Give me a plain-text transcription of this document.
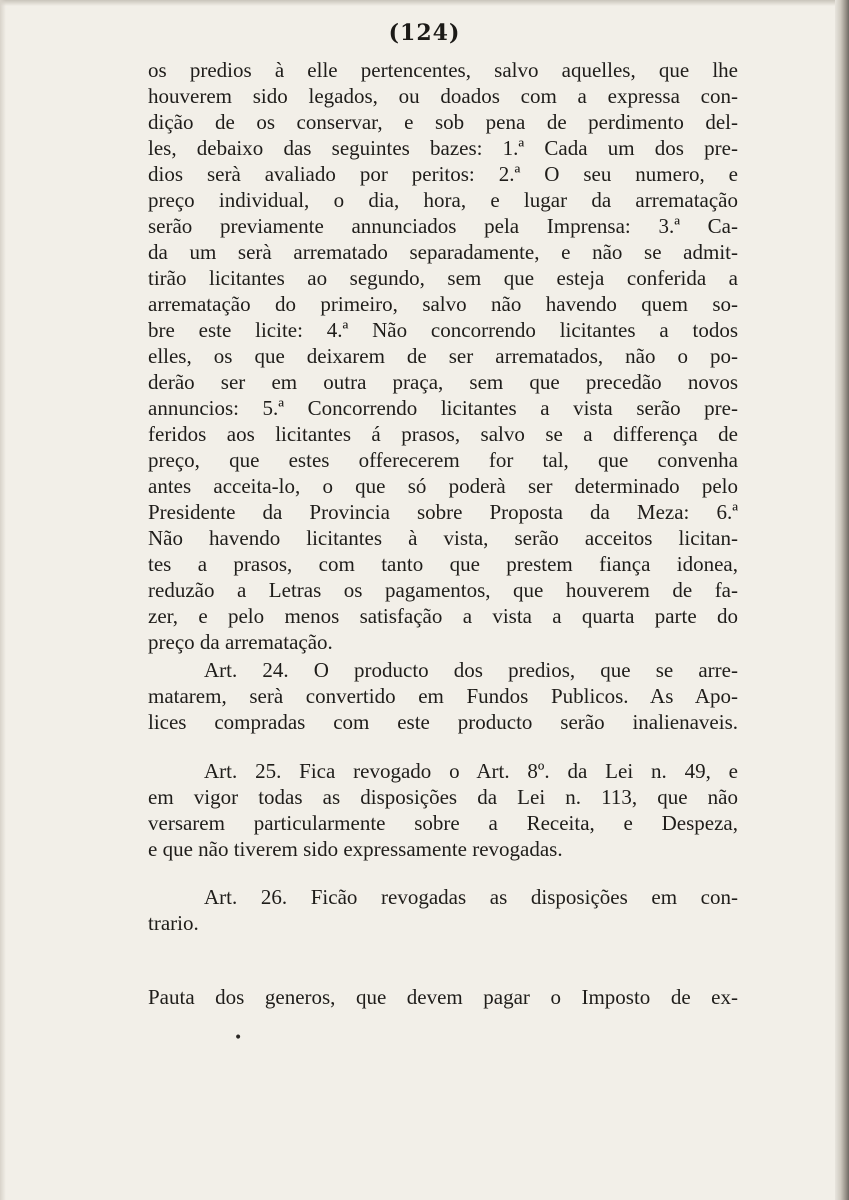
(124)
os predios à elle pertencentes, salvo aquelles, que lhe
houverem sido legados, ou doados com a expressa con-
dição de os conservar, e sob pena de perdimento del-
les, debaixo das seguintes bazes: 1.ª Cada um dos pre-
dios serà avaliado por peritos: 2.ª O seu numero, e
preço individual, o dia, hora, e lugar da arrematação
serão previamente annunciados pela Imprensa: 3.ª Ca-
da um serà arrematado separadamente, e não se admit-
tirão licitantes ao segundo, sem que esteja conferida a
arrematação do primeiro, salvo não havendo quem so-
bre este licite: 4.ª Não concorrendo licitantes a todos
elles, os que deixarem de ser arrematados, não o po-
derão ser em outra praça, sem que precedão novos
annuncios: 5.ª Concorrendo licitantes a vista serão pre-
feridos aos licitantes á prasos, salvo se a differença de
preço, que estes offerecerem for tal, que convenha
antes acceita-lo, o que só poderà ser determinado pelo
Presidente da Provincia sobre Proposta da Meza: 6.ª
Não havendo licitantes à vista, serão acceitos licitan-
tes a prasos, com tanto que prestem fiança idonea,
reduzão a Letras os pagamentos, que houverem de fa-
zer, e pelo menos satisfação a vista a quarta parte do
preço da arrematação.
Art. 24. O producto dos predios, que se arre-
matarem, serà convertido em Fundos Publicos. As Apo-
lices compradas com este producto serão inalienaveis.
Art. 25. Fica revogado o Art. 8º. da Lei n. 49, e
em vigor todas as disposições da Lei n. 113, que não
versarem particularmente sobre a Receita, e Despeza,
e que não tiverem sido expressamente revogadas.
Art. 26. Ficão revogadas as disposições em con-
trario.
Pauta dos generos, que devem pagar o Imposto de ex-
•
